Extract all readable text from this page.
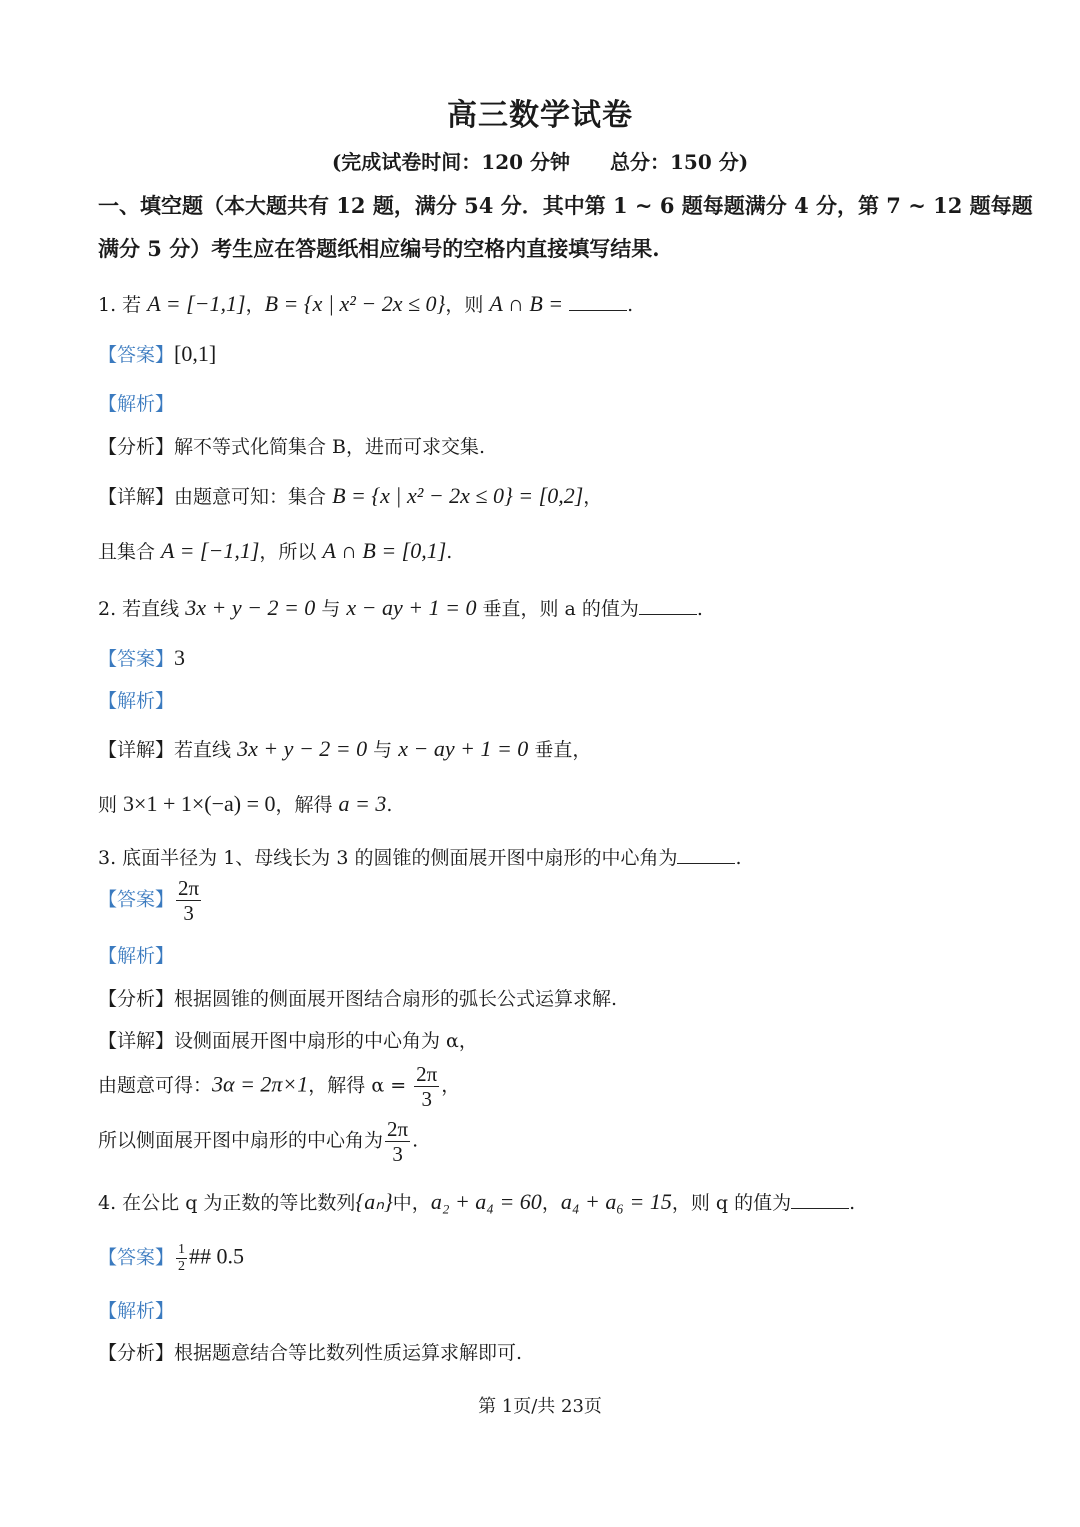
高三数学试卷
(完成试卷时间：120 分钟 总分：150 分)
一、填空题（本大题共有 12 题，满分 54 分．其中第 1 ~ 6 题每题满分 4 分，第 7 ~ 12 题每题
满分 5 分）考生应在答题纸相应编号的空格内直接填写结果.
1. 若 A = [−1,1]，B = {x | x² − 2x ≤ 0}，则 A ∩ B =	.
【答案】[0,1]
【解析】
【分析】解不等式化简集合 B，进而可求交集.
【详解】由题意可知：集合 B = {x | x² − 2x ≤ 0} = [0,2]，
且集合 A = [−1,1]，所以 A ∩ B = [0,1].
2. 若直线 3x + y − 2 = 0 与 x − ay + 1 = 0 垂直，则 a 的值为	.
【答案】3
【解析】
【详解】若直线 3x + y − 2 = 0 与 x − ay + 1 = 0 垂直，
则 3×1 + 1×(−a) = 0，解得 a = 3.
3. 底面半径为 1、母线长为 3 的圆锥的侧面展开图中扇形的中心角为	.
【答案】 $\frac{2\pi}{3}$
【解析】
【分析】根据圆锥的侧面展开图结合扇形的弧长公式运算求解.
【详解】设侧面展开图中扇形的中心角为 α，
由题意可得：3α = 2π×1，解得 $\alpha = \frac{2\pi}{3}$ ，
所以侧面展开图中扇形的中心角为 $\frac{2\pi}{3}$ .
4. 在公比 q 为正数的等比数列{aₙ}中，a₂ + a₄ = 60，a₄ + a₆ = 15，则 q 的值为	.
【答案】 $\frac{1}{2}$ ## 0.5
【解析】
【分析】根据题意结合等比数列性质运算求解即可.
第 1页/共 23页
